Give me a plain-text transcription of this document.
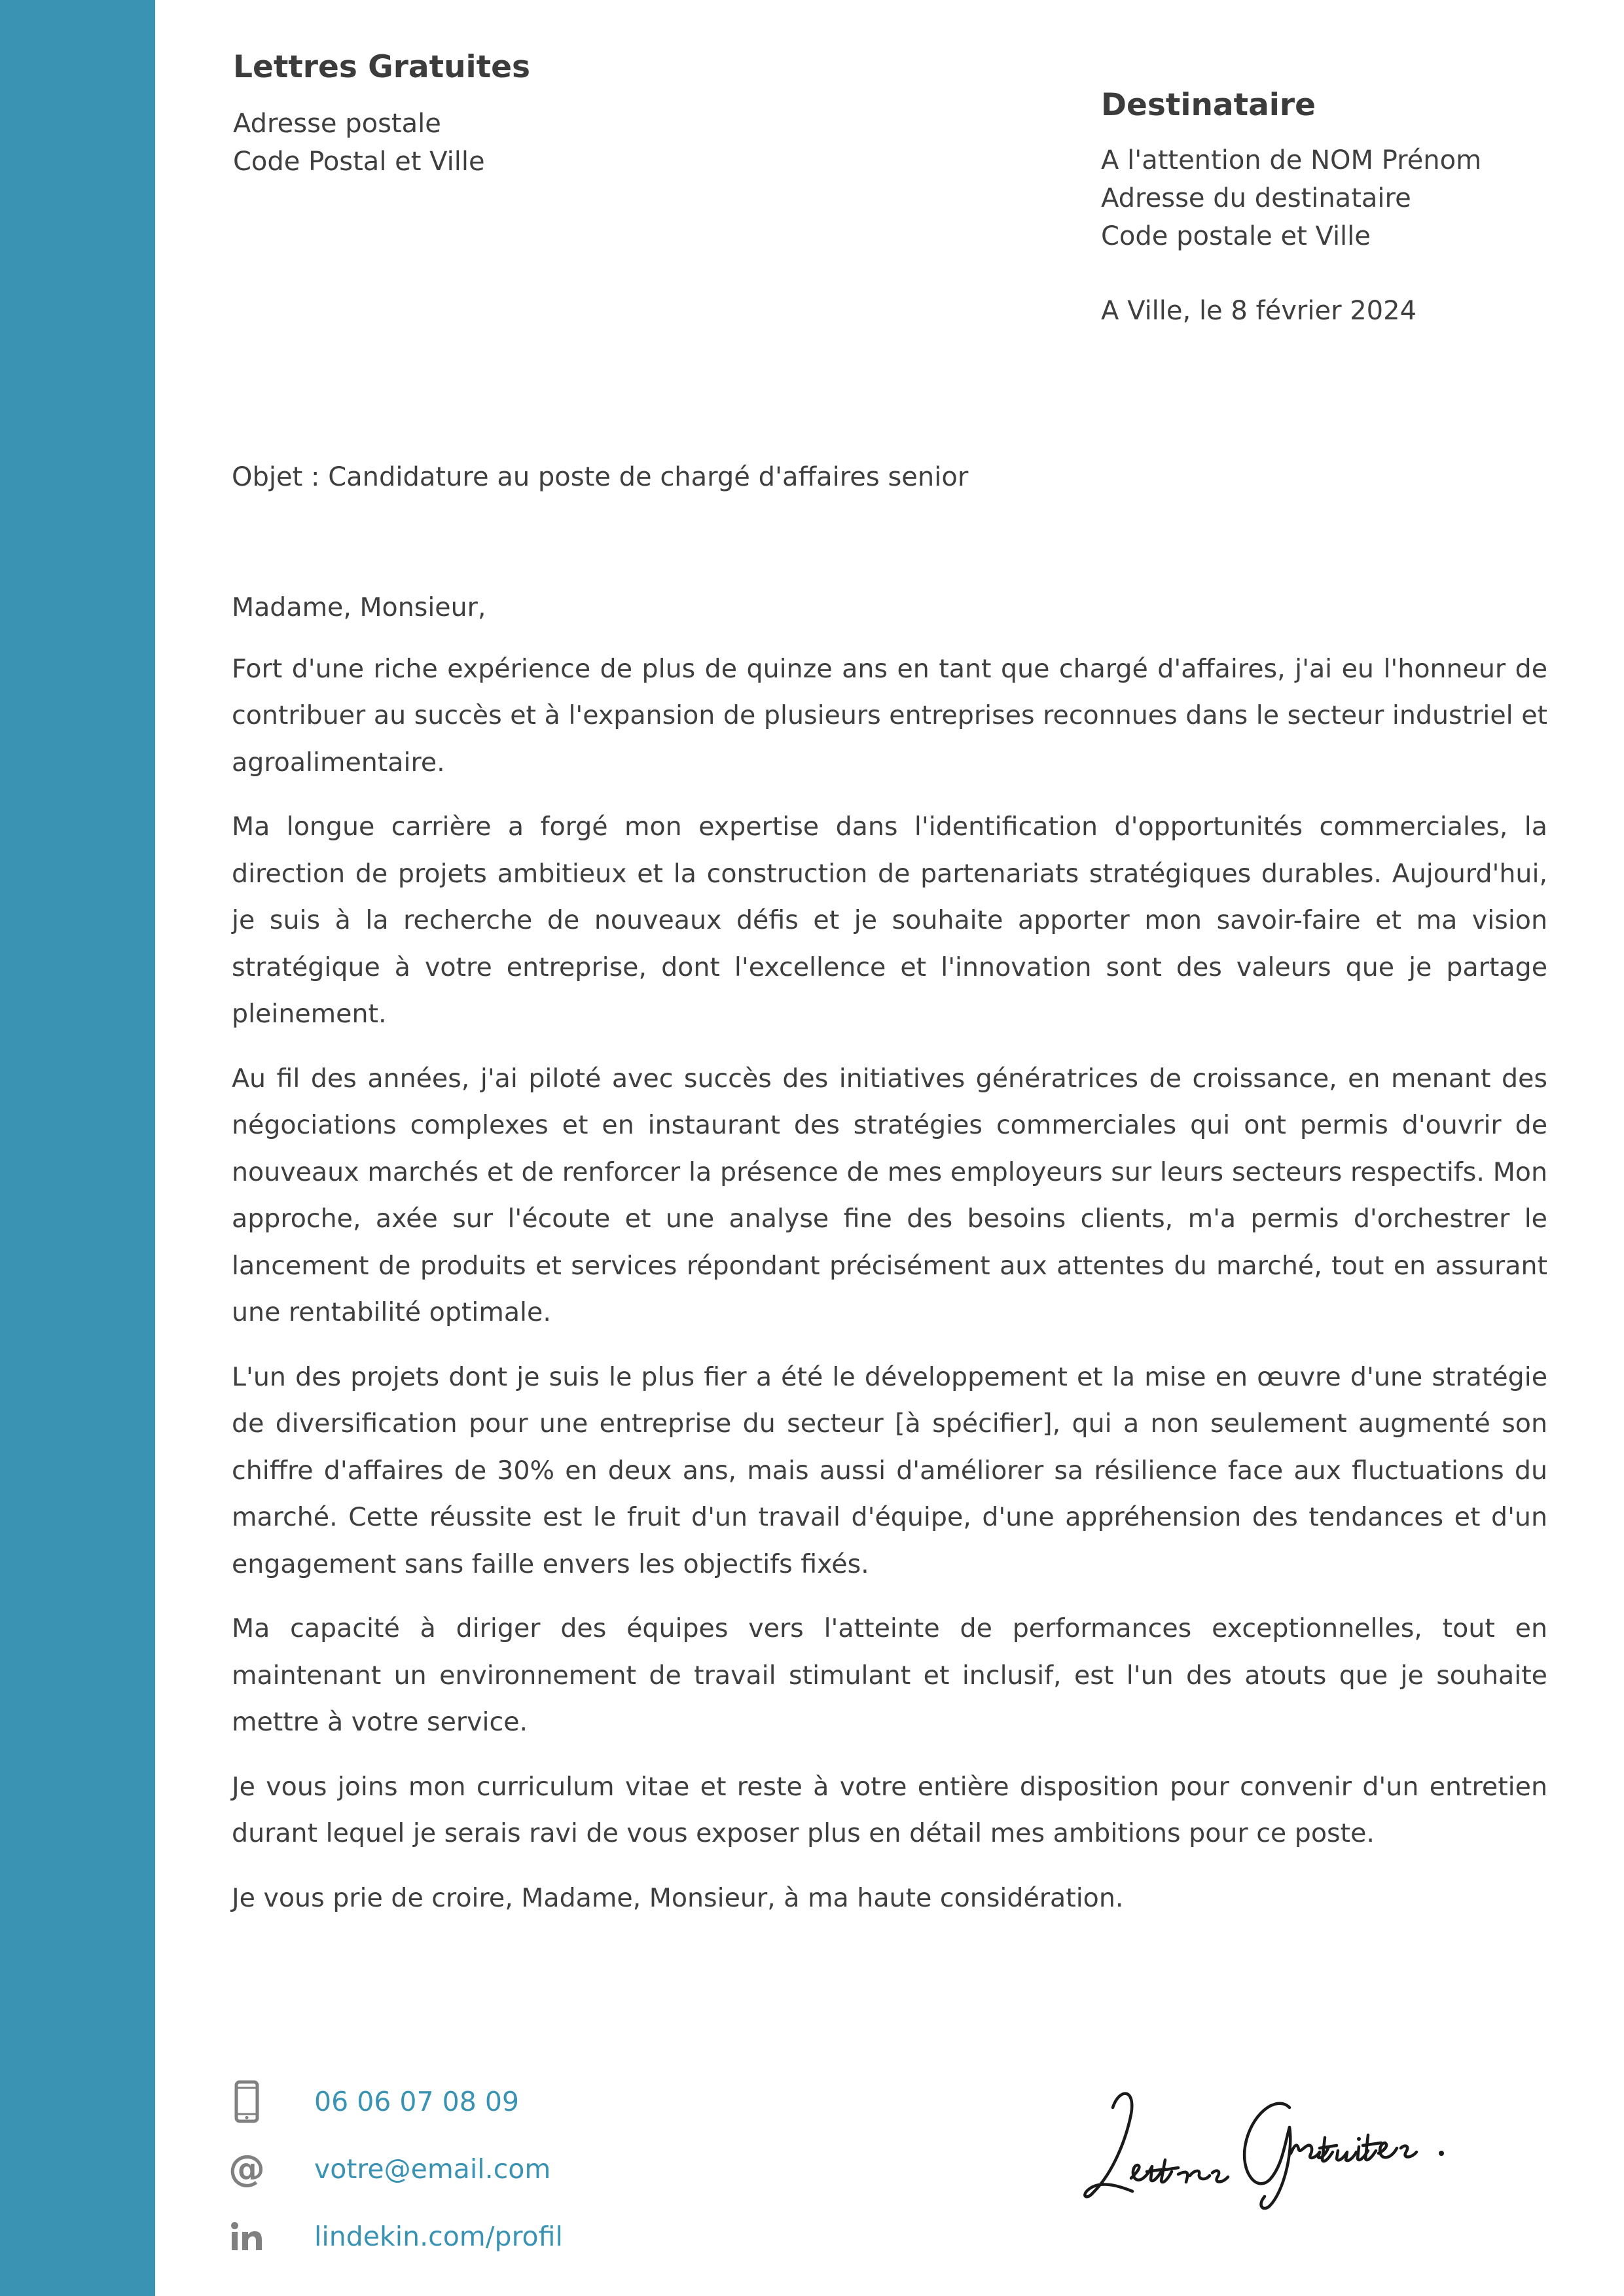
Lettres Gratuites
Adresse postale
Code Postal et Ville
Destinataire
A l'attention de NOM Prénom
Adresse du destinataire
Code postale et Ville
A Ville, le 8 février 2024
Objet : Candidature au poste de chargé d'affaires senior

Madame, Monsieur,

Fort d'une riche expérience de plus de quinze ans en tant que chargé d'affaires, j'ai eu l'honneur de contribuer au succès et à l'expansion de plusieurs entreprises reconnues dans le secteur industriel et agroalimentaire.

Ma longue carrière a forgé mon expertise dans l'identification d'opportunités commerciales, la direction de projets ambitieux et la construction de partenariats stratégiques durables. Aujourd'hui, je suis à la recherche de nouveaux défis et je souhaite apporter mon savoir-faire et ma vision stratégique à votre entreprise, dont l'excellence et l'innovation sont des valeurs que je partage pleinement.

Au fil des années, j'ai piloté avec succès des initiatives génératrices de croissance, en menant des négociations complexes et en instaurant des stratégies commerciales qui ont permis d'ouvrir de nouveaux marchés et de renforcer la présence de mes employeurs sur leurs secteurs respectifs. Mon approche, axée sur l'écoute et une analyse fine des besoins clients, m'a permis d'orchestrer le lancement de produits et services répondant précisément aux attentes du marché, tout en assurant une rentabilité optimale.

L'un des projets dont je suis le plus fier a été le développement et la mise en œuvre d'une stratégie de diversification pour une entreprise du secteur [à spécifier], qui a non seulement augmenté son chiffre d'affaires de 30% en deux ans, mais aussi d'améliorer sa résilience face aux fluctuations du marché. Cette réussite est le fruit d'un travail d'équipe, d'une appréhension des tendances et d'un engagement sans faille envers les objectifs fixés.

Ma capacité à diriger des équipes vers l'atteinte de performances exceptionnelles, tout en maintenant un environnement de travail stimulant et inclusif, est l'un des atouts que je souhaite mettre à votre service.

Je vous joins mon curriculum vitae et reste à votre entière disposition pour convenir d'un entretien durant lequel je serais ravi de vous exposer plus en détail mes ambitions pour ce poste.

Je vous prie de croire, Madame, Monsieur, à ma haute considération.

06 06 07 08 09
@ votre@email.com
lindekin.com/profil
